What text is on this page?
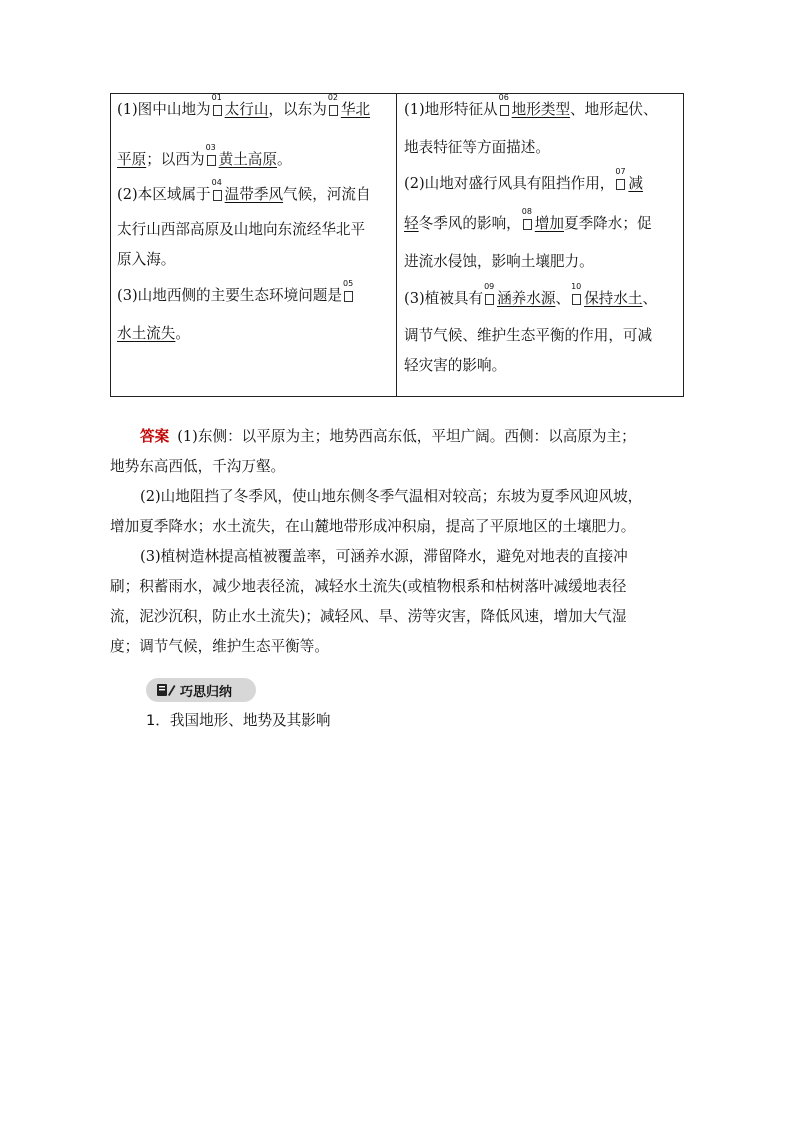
(1)图中山地为
01
太行山，以东为
02
华北
平原；以西为
03
黄土高原。
(2)本区域属于
04
温带季风气候，河流自
太行山西部高原及山地向东流经华北平
原入海。
(3)山地西侧的主要生态环境问题是
05
水土流失。
(1)地形特征从
06
地形类型、地形起伏、
地表特征等方面描述。
(2)山地对盛行风具有阻挡作用，
07
减
轻冬季风的影响，
08
增加夏季降水；促
进流水侵蚀，影响土壤肥力。
(3)植被具有
09
涵养水源、
10
保持水土、
调节气候、维护生态平衡的作用，可减
轻灾害的影响。

答案 (1)东侧：以平原为主；地势西高东低，平坦广阔。西侧：以高原为主；

地势东高西低，千沟万壑。

(2)山地阻挡了冬季风，使山地东侧冬季气温相对较高；东坡为夏季风迎风坡，

增加夏季降水；水土流失，在山麓地带形成冲积扇，提高了平原地区的土壤肥力。

(3)植树造林提高植被覆盖率，可涵养水源，滞留降水，避免对地表的直接冲

刷；积蓄雨水，减少地表径流，减轻水土流失(或植物根系和枯树落叶减缓地表径

流，泥沙沉积，防止水土流失)；减轻风、旱、涝等灾害，降低风速，增加大气湿

度；调节气候，维护生态平衡等。

巧思归纳
1．我国地形、地势及其影响
